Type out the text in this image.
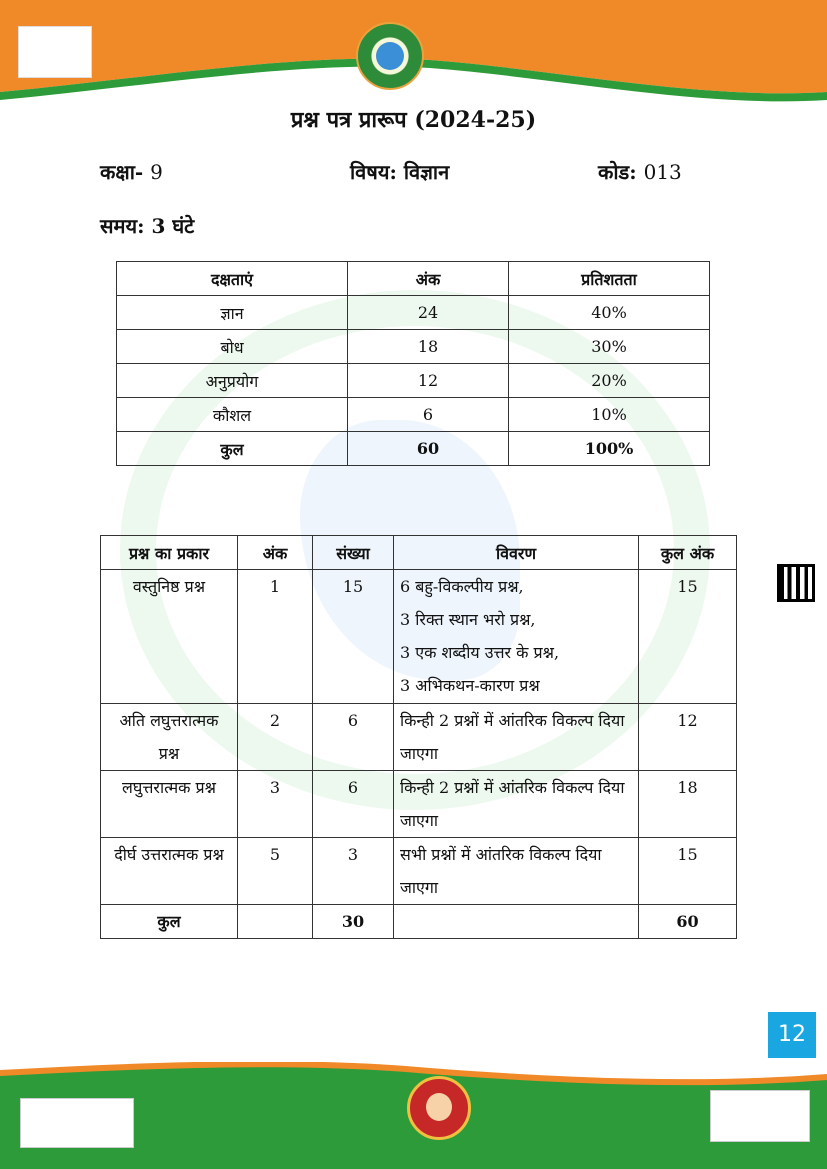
प्रश्न पत्र प्रारूप (2024-25)
कक्षा- 9	विषय: विज्ञान	कोड: 013
समय: 3 घंटे
दक्षताएं	अंक	प्रतिशतता
ज्ञान	24	40%
बोध	18	30%
अनुप्रयोग	12	20%
कौशल	6	10%
कुल	60	100%
प्रश्न का प्रकार	अंक	संख्या	विवरण	कुल अंक
वस्तुनिष्ठ प्रश्न	1	15	6 बहु-विकल्पीय प्रश्न,
3 रिक्त स्थान भरो प्रश्न,
3 एक शब्दीय उत्तर के प्रश्न,
3 अभिकथन-कारण प्रश्न	15
अति लघुत्तरात्मक प्रश्न	2	6	किन्ही 2 प्रश्नों में आंतरिक विकल्प दिया जाएगा	12
लघुत्तरात्मक प्रश्न	3	6	किन्ही 2 प्रश्नों में आंतरिक विकल्प दिया जाएगा	18
दीर्घ उत्तरात्मक प्रश्न	5	3	सभी प्रश्नों में आंतरिक विकल्प दिया जाएगा	15
कुल		30		60
12
